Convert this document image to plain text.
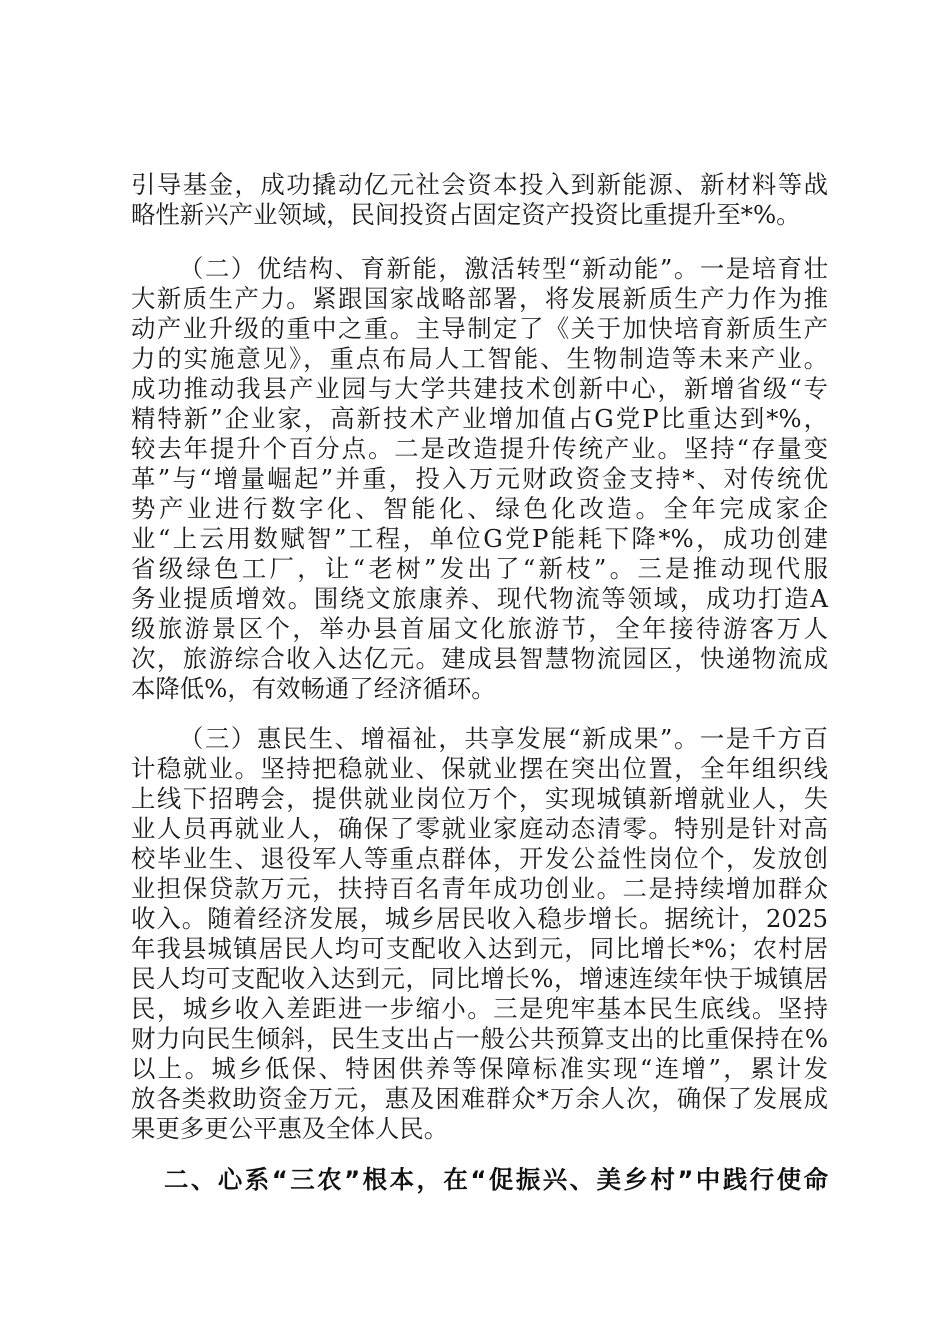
引导基金，成功撬动亿元社会资本投入到新能源、新材料等战

略性新兴产业领域，民间投资占固定资产投资比重提升至*%。

（二）优结构、育新能，激活转型“新动能”。一是培育壮

大新质生产力。紧跟国家战略部署，将发展新质生产力作为推

动产业升级的重中之重。主导制定了《关于加快培育新质生产

力的实施意见》，重点布局人工智能、生物制造等未来产业。

成功推动我县产业园与大学共建技术创新中心，新增省级“专

精特新”企业家，高新技术产业增加值占G党P比重达到*%，

较去年提升个百分点。二是改造提升传统产业。坚持“存量变

革”与“增量崛起”并重，投入万元财政资金支持*、对传统优

势产业进行数字化、智能化、绿色化改造。全年完成家企

业“上云用数赋智”工程，单位G党P能耗下降*%，成功创建

省级绿色工厂，让“老树”发出了“新枝”。三是推动现代服

务业提质增效。围绕文旅康养、现代物流等领域，成功打造A

级旅游景区个，举办县首届文化旅游节，全年接待游客万人

次，旅游综合收入达亿元。建成县智慧物流园区，快递物流成

本降低%，有效畅通了经济循环。

（三）惠民生、增福祉，共享发展“新成果”。一是千方百

计稳就业。坚持把稳就业、保就业摆在突出位置，全年组织线

上线下招聘会，提供就业岗位万个，实现城镇新增就业人，失

业人员再就业人，确保了零就业家庭动态清零。特别是针对高

校毕业生、退役军人等重点群体，开发公益性岗位个，发放创

业担保贷款万元，扶持百名青年成功创业。二是持续增加群众

收入。随着经济发展，城乡居民收入稳步增长。据统计，2025

年我县城镇居民人均可支配收入达到元，同比增长*%；农村居

民人均可支配收入达到元，同比增长%，增速连续年快于城镇居

民，城乡收入差距进一步缩小。三是兜牢基本民生底线。坚持

财力向民生倾斜，民生支出占一般公共预算支出的比重保持在%

以上。城乡低保、特困供养等保障标准实现“连增”，累计发

放各类救助资金万元，惠及困难群众*万余人次，确保了发展成

果更多更公平惠及全体人民。

二、心系“三农”根本，在“促振兴、美乡村”中践行使命
